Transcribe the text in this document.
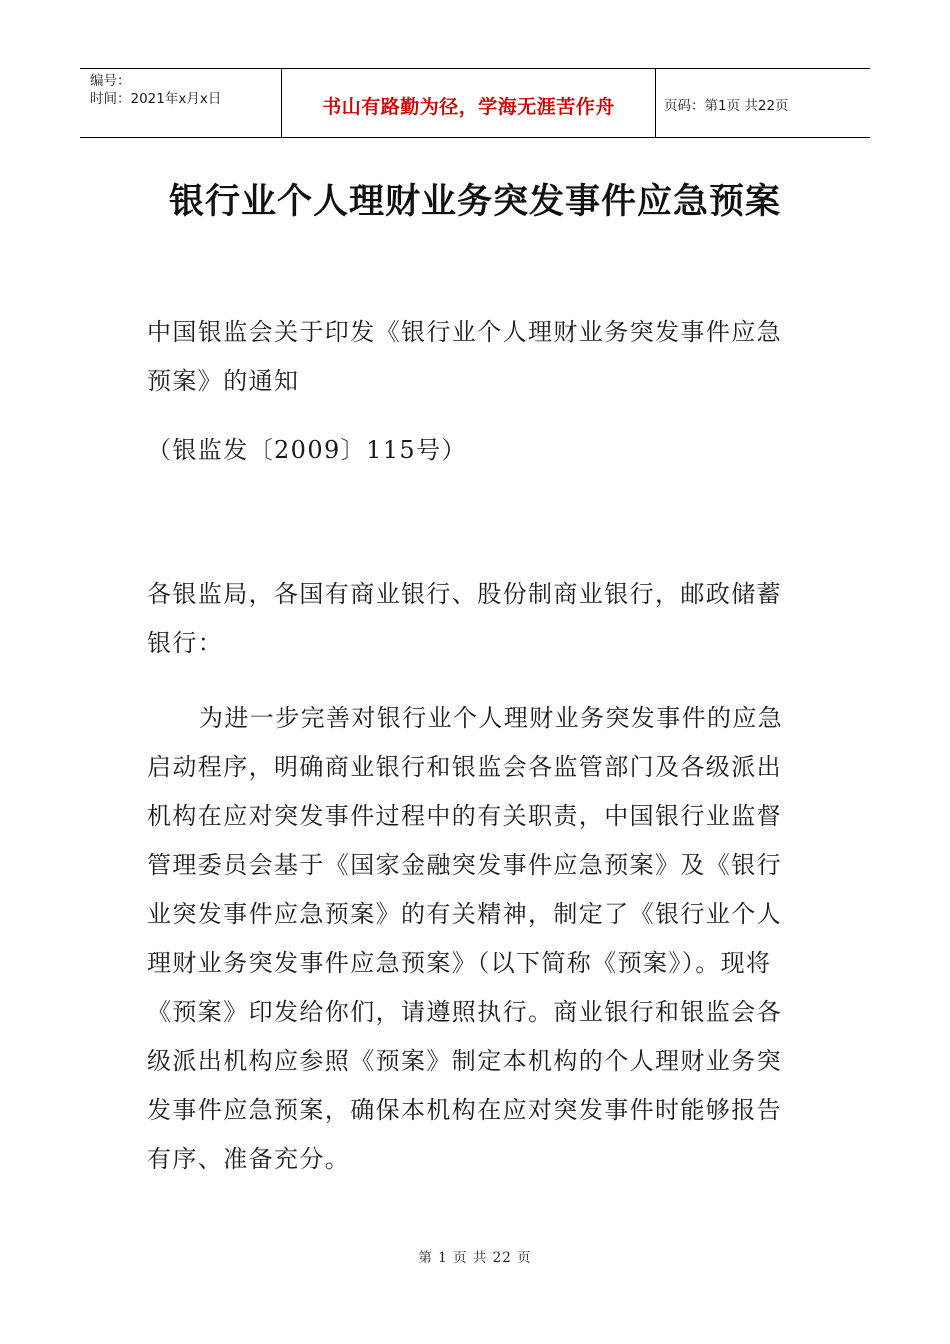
编号：
时间：2021年x月x日	书山有路勤为径，学海无涯苦作舟	页码：第1页 共22页
银行业个人理财业务突发事件应急预案
中国银监会关于印发《银行业个人理财业务突发事件应急预案》的通知
（银监发〔2009〕115号）
各银监局，各国有商业银行、股份制商业银行，邮政储蓄银行：
为进一步完善对银行业个人理财业务突发事件的应急启动程序，明确商业银行和银监会各监管部门及各级派出机构在应对突发事件过程中的有关职责，中国银行业监督管理委员会基于《国家金融突发事件应急预案》及《银行业突发事件应急预案》的有关精神，制定了《银行业个人理财业务突发事件应急预案》（以下简称《预案》）。现将《预案》印发给你们，请遵照执行。商业银行和银监会各级派出机构应参照《预案》制定本机构的个人理财业务突发事件应急预案，确保本机构在应对突发事件时能够报告有序、准备充分。
第 1 页 共 22 页
